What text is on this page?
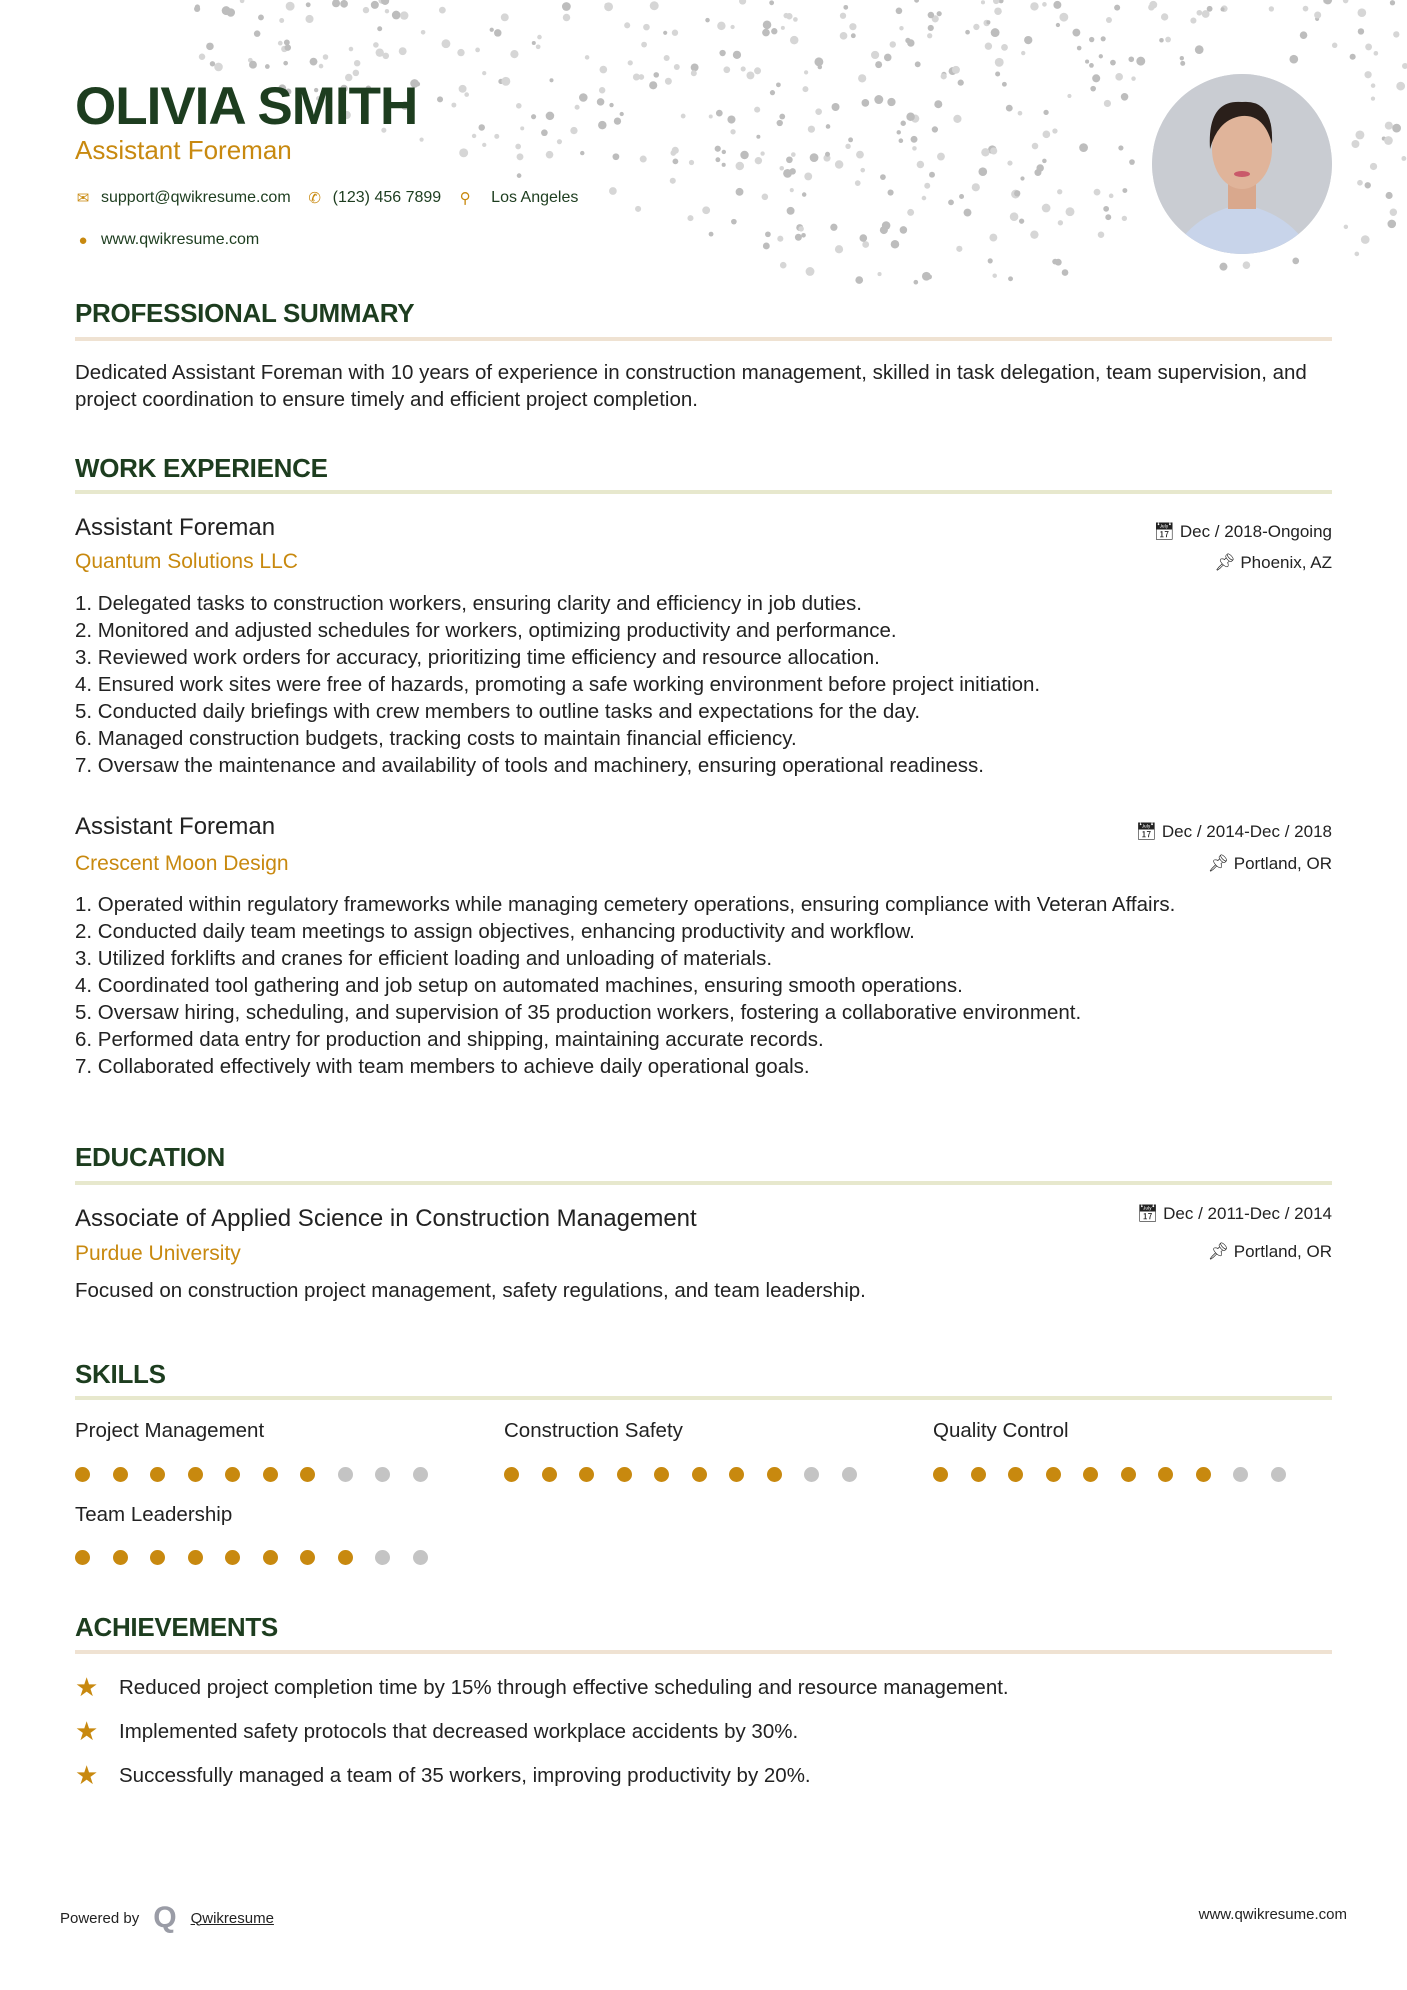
OLIVIA SMITH
Assistant Foreman
✉ support@qwikresume.com ✆ (123) 456 7899 ⚲ Los Angeles
● www.qwikresume.com
PROFESSIONAL SUMMARY
Dedicated Assistant Foreman with 10 years of experience in construction management, skilled in task delegation, team supervision, and project coordination to ensure timely and efficient project completion.
WORK EXPERIENCE
Assistant Foreman
Quantum Solutions LLC
📅︎ Dec / 2018-Ongoing
📌︎ Phoenix, AZ
1. Delegated tasks to construction workers, ensuring clarity and efficiency in job duties.
2. Monitored and adjusted schedules for workers, optimizing productivity and performance.
3. Reviewed work orders for accuracy, prioritizing time efficiency and resource allocation.
4. Ensured work sites were free of hazards, promoting a safe working environment before project initiation.
5. Conducted daily briefings with crew members to outline tasks and expectations for the day.
6. Managed construction budgets, tracking costs to maintain financial efficiency.
7. Oversaw the maintenance and availability of tools and machinery, ensuring operational readiness.
Assistant Foreman
Crescent Moon Design
📅︎ Dec / 2014-Dec / 2018
📌︎ Portland, OR
1. Operated within regulatory frameworks while managing cemetery operations, ensuring compliance with Veteran Affairs.
2. Conducted daily team meetings to assign objectives, enhancing productivity and workflow.
3. Utilized forklifts and cranes for efficient loading and unloading of materials.
4. Coordinated tool gathering and job setup on automated machines, ensuring smooth operations.
5. Oversaw hiring, scheduling, and supervision of 35 production workers, fostering a collaborative environment.
6. Performed data entry for production and shipping, maintaining accurate records.
7. Collaborated effectively with team members to achieve daily operational goals.
EDUCATION
Associate of Applied Science in Construction Management
Purdue University
📅︎ Dec / 2011-Dec / 2014
📌︎ Portland, OR
Focused on construction project management, safety regulations, and team leadership.
SKILLS
Project Management	Construction Safety	Quality Control
Team Leadership
ACHIEVEMENTS
★	Reduced project completion time by 15% through effective scheduling and resource management.
★	Implemented safety protocols that decreased workplace accidents by 30%.
★	Successfully managed a team of 35 workers, improving productivity by 20%.
Powered by Q Qwikresume	www.qwikresume.com
